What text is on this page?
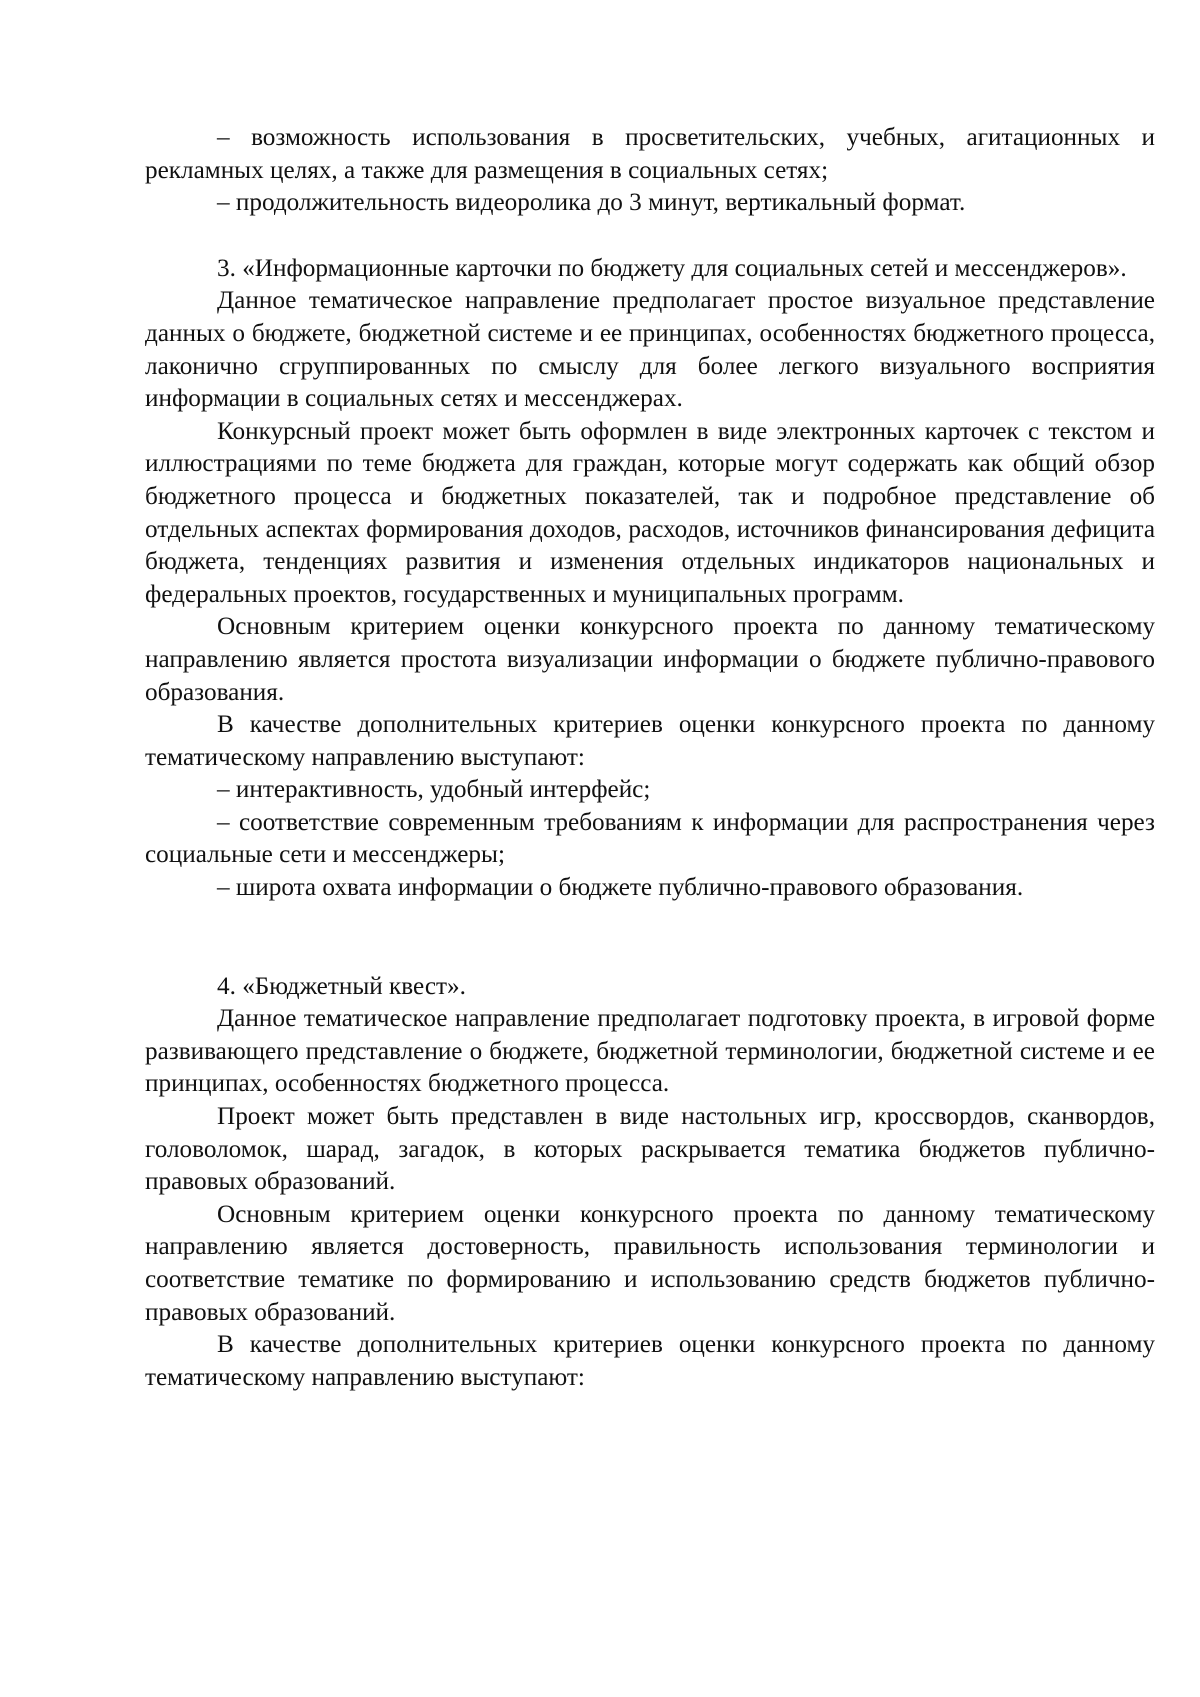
– возможность использования в просветительских, учебных, агитационных и рекламных целях, а также для размещения в социальных сетях;

– продолжительность видеоролика до 3 минут, вертикальный формат.

3. «Информационные карточки по бюджету для социальных сетей и мессенджеров».

Данное тематическое направление предполагает простое визуальное представление данных о бюджете, бюджетной системе и ее принципах, особенностях бюджетного процесса, лаконично сгруппированных по смыслу для более легкого визуального восприятия информации в социальных сетях и мессенджерах.

Конкурсный проект может быть оформлен в виде электронных карточек с текстом и иллюстрациями по теме бюджета для граждан, которые могут содержать как общий обзор бюджетного процесса и бюджетных показателей, так и подробное представление об отдельных аспектах формирования доходов, расходов, источников финансирования дефицита бюджета, тенденциях развития и изменения отдельных индикаторов национальных и федеральных проектов, государственных и муниципальных программ.

Основным критерием оценки конкурсного проекта по данному тематическому направлению является простота визуализации информации о бюджете публично-правового образования.

В качестве дополнительных критериев оценки конкурсного проекта по данному тематическому направлению выступают:

– интерактивность, удобный интерфейс;

– соответствие современным требованиям к информации для распространения через социальные сети и мессенджеры;

– широта охвата информации о бюджете публично-правового образования.

4. «Бюджетный квест».

Данное тематическое направление предполагает подготовку проекта, в игровой форме развивающего представление о бюджете, бюджетной терминологии, бюджетной системе и ее принципах, особенностях бюджетного процесса.

Проект может быть представлен в виде настольных игр, кроссвордов, сканвордов, головоломок, шарад, загадок, в которых раскрывается тематика бюджетов публично-правовых образований.

Основным критерием оценки конкурсного проекта по данному тематическому направлению является достоверность, правильность использования терминологии и соответствие тематике по формированию и использованию средств бюджетов публично-правовых образований.

В качестве дополнительных критериев оценки конкурсного проекта по данному тематическому направлению выступают:
